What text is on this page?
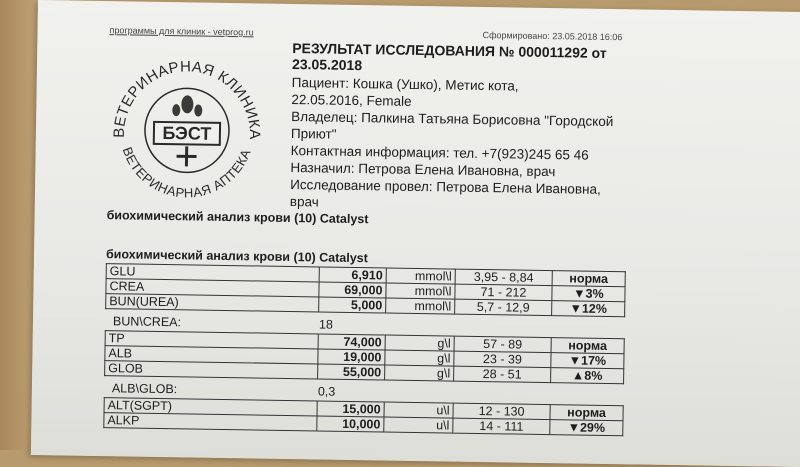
программы для клиник - vetprog.ru	Сформировано: 23.05.2018 16:06
ВЕТЕРИНАРНАЯ КЛИНИКА
ВЕТЕРИНАРНАЯ АПТЕКА
БЭСТ
РЕЗУЛЬТАТ ИССЛЕДОВАНИЯ № 000011292 от
23.05.2018
Пациент: Кошка (Ушко), Метис кота,
22.05.2016, Female
Владелец: Палкина Татьяна Борисовна "Городской
Приют"
Контактная информация: тел. +7(923)245 65 46
Назначил: Петрова Елена Ивановна, врач
Исследование провел: Петрова Елена Ивановна,
врач
биохимический анализ крови (10) Catalyst
биохимический анализ крови (10) Catalyst
GLU	6,910	mmol\l	3,95 - 8,84	норма
CREA	69,000	mmol\l	71 - 212	▼3%
BUN(UREA)	5,000	mmol\l	5,7 - 12,9	▼12%
BUN\CREA:	18
TP	74,000	g\l	57 - 89	норма
ALB	19,000	g\l	23 - 39	▼17%
GLOB	55,000	g\l	28 - 51	▲8%
ALB\GLOB:	0,3
ALT(SGPT)	15,000	u\l	12 - 130	норма
ALKP	10,000	u\l	14 - 111	▼29%
